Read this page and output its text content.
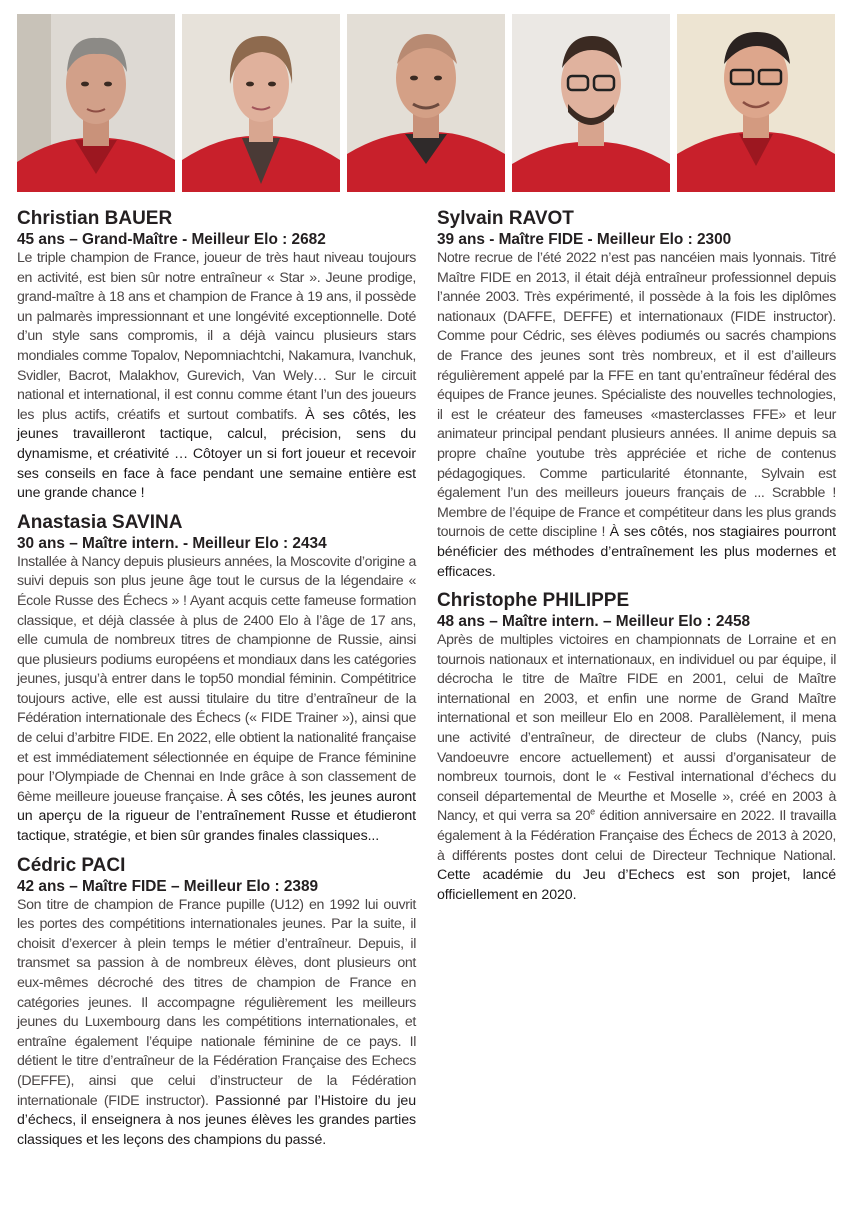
Christian BAUER

45 ans – Grand-Maître - Meilleur Elo : 2682

Le triple champion de France, joueur de très haut niveau toujours en activité, est bien sûr notre entraîneur « Star ». Jeune prodige, grand-maître à 18 ans et champion de France à 19 ans, il possède un palmarès impressionnant et une longévité exceptionnelle. Doté d’un style sans compromis, il a déjà vaincu plusieurs stars mondiales comme Topalov, Nepomniachtchi, Nakamura, Ivanchuk, Svidler, Bacrot, Malakhov, Gurevich, Van Wely… Sur le circuit national et international, il est connu comme étant l’un des joueurs les plus actifs, créatifs et surtout combatifs. À ses côtés, les jeunes travailleront tactique, calcul, précision, sens du dynamisme, et créativité … Côtoyer un si fort joueur et recevoir ses conseils en face à face pendant une semaine entière est une grande chance !

Anastasia SAVINA

30 ans – Maître intern. - Meilleur Elo : 2434

Installée à Nancy depuis plusieurs années, la Moscovite d’origine a suivi depuis son plus jeune âge tout le cursus de la légendaire « École Russe des Échecs » ! Ayant acquis cette fameuse formation classique, et déjà classée à plus de 2400 Elo à l’âge de 17 ans, elle cumula de nombreux titres de championne de Russie, ainsi que plusieurs podiums européens et mondiaux dans les catégories jeunes, jusqu’à entrer dans le top50 mondial féminin. Compétitrice toujours active, elle est aussi titulaire du titre d’entraîneur de la Fédération internationale des Échecs (« FIDE Trainer »), ainsi que de celui d’arbitre FIDE. En 2022, elle obtient la nationalité française et est immédiatement sélectionnée en équipe de France féminine pour l’Olympiade de Chennai en Inde grâce à son classement de 6ème meilleure joueuse française. À ses côtés, les jeunes auront un aperçu de la rigueur de l’entraînement Russe et étudieront tactique, stratégie, et bien sûr grandes finales classiques...

Cédric PACI

42 ans – Maître FIDE – Meilleur Elo : 2389

Son titre de champion de France pupille (U12) en 1992 lui ouvrit les portes des compétitions internationales jeunes. Par la suite, il choisit d’exercer à plein temps le métier d’entraîneur. Depuis, il transmet sa passion à de nombreux élèves, dont plusieurs ont eux-mêmes décroché des titres de champion de France en catégories jeunes. Il accompagne régulièrement les meilleurs jeunes du Luxembourg dans les compétitions internationales, et entraîne également l’équipe nationale féminine de ce pays. Il détient le titre d’entraîneur de la Fédération Française des Echecs (DEFFE), ainsi que celui d’instructeur de la Fédération internationale (FIDE instructor). Passionné par l’Histoire du jeu d’échecs, il enseignera à nos jeunes élèves les grandes parties classiques et les leçons des champions du passé.

Sylvain RAVOT

39 ans - Maître FIDE - Meilleur Elo : 2300

Notre recrue de l’été 2022 n’est pas nancéien mais lyonnais. Titré Maître FIDE en 2013, il était déjà entraîneur professionnel depuis l’année 2003. Très expérimenté, il possède à la fois les diplômes nationaux (DAFFE, DEFFE) et internationaux (FIDE instructor). Comme pour Cédric, ses élèves podiumés ou sacrés champions de France des jeunes sont très nombreux, et il est d’ailleurs régulièrement appelé par la FFE en tant qu’entraîneur fédéral des équipes de France jeunes. Spécialiste des nouvelles technologies, il est le créateur des fameuses «masterclasses FFE» et leur animateur principal pendant plusieurs années. Il anime depuis sa propre chaîne youtube très appréciée et riche de contenus pédagogiques. Comme particularité étonnante, Sylvain est également l’un des meilleurs joueurs français de ... Scrabble ! Membre de l’équipe de France et compétiteur dans les plus grands tournois de cette discipline ! À ses côtés, nos stagiaires pourront bénéficier des méthodes d’entraînement les plus modernes et efficaces.

Christophe PHILIPPE

48 ans – Maître intern. – Meilleur Elo : 2458

Après de multiples victoires en championnats de Lorraine et en tournois nationaux et internationaux, en individuel ou par équipe, il décrocha le titre de Maître FIDE en 2001, celui de Maître international en 2003, et enfin une norme de Grand Maître international et son meilleur Elo en 2008. Parallèlement, il mena une activité d’entraîneur, de directeur de clubs (Nancy, puis Vandoeuvre encore actuellement) et aussi d’organisateur de nombreux tournois, dont le « Festival international d’échecs du conseil départemental de Meurthe et Moselle », créé en 2003 à Nancy, et qui verra sa 20e édition anniversaire en 2022. Il travailla également à la Fédération Française des Échecs de 2013 à 2020, à différents postes dont celui de Directeur Technique National. Cette académie du Jeu d’Echecs est son projet, lancé officiellement en 2020.
